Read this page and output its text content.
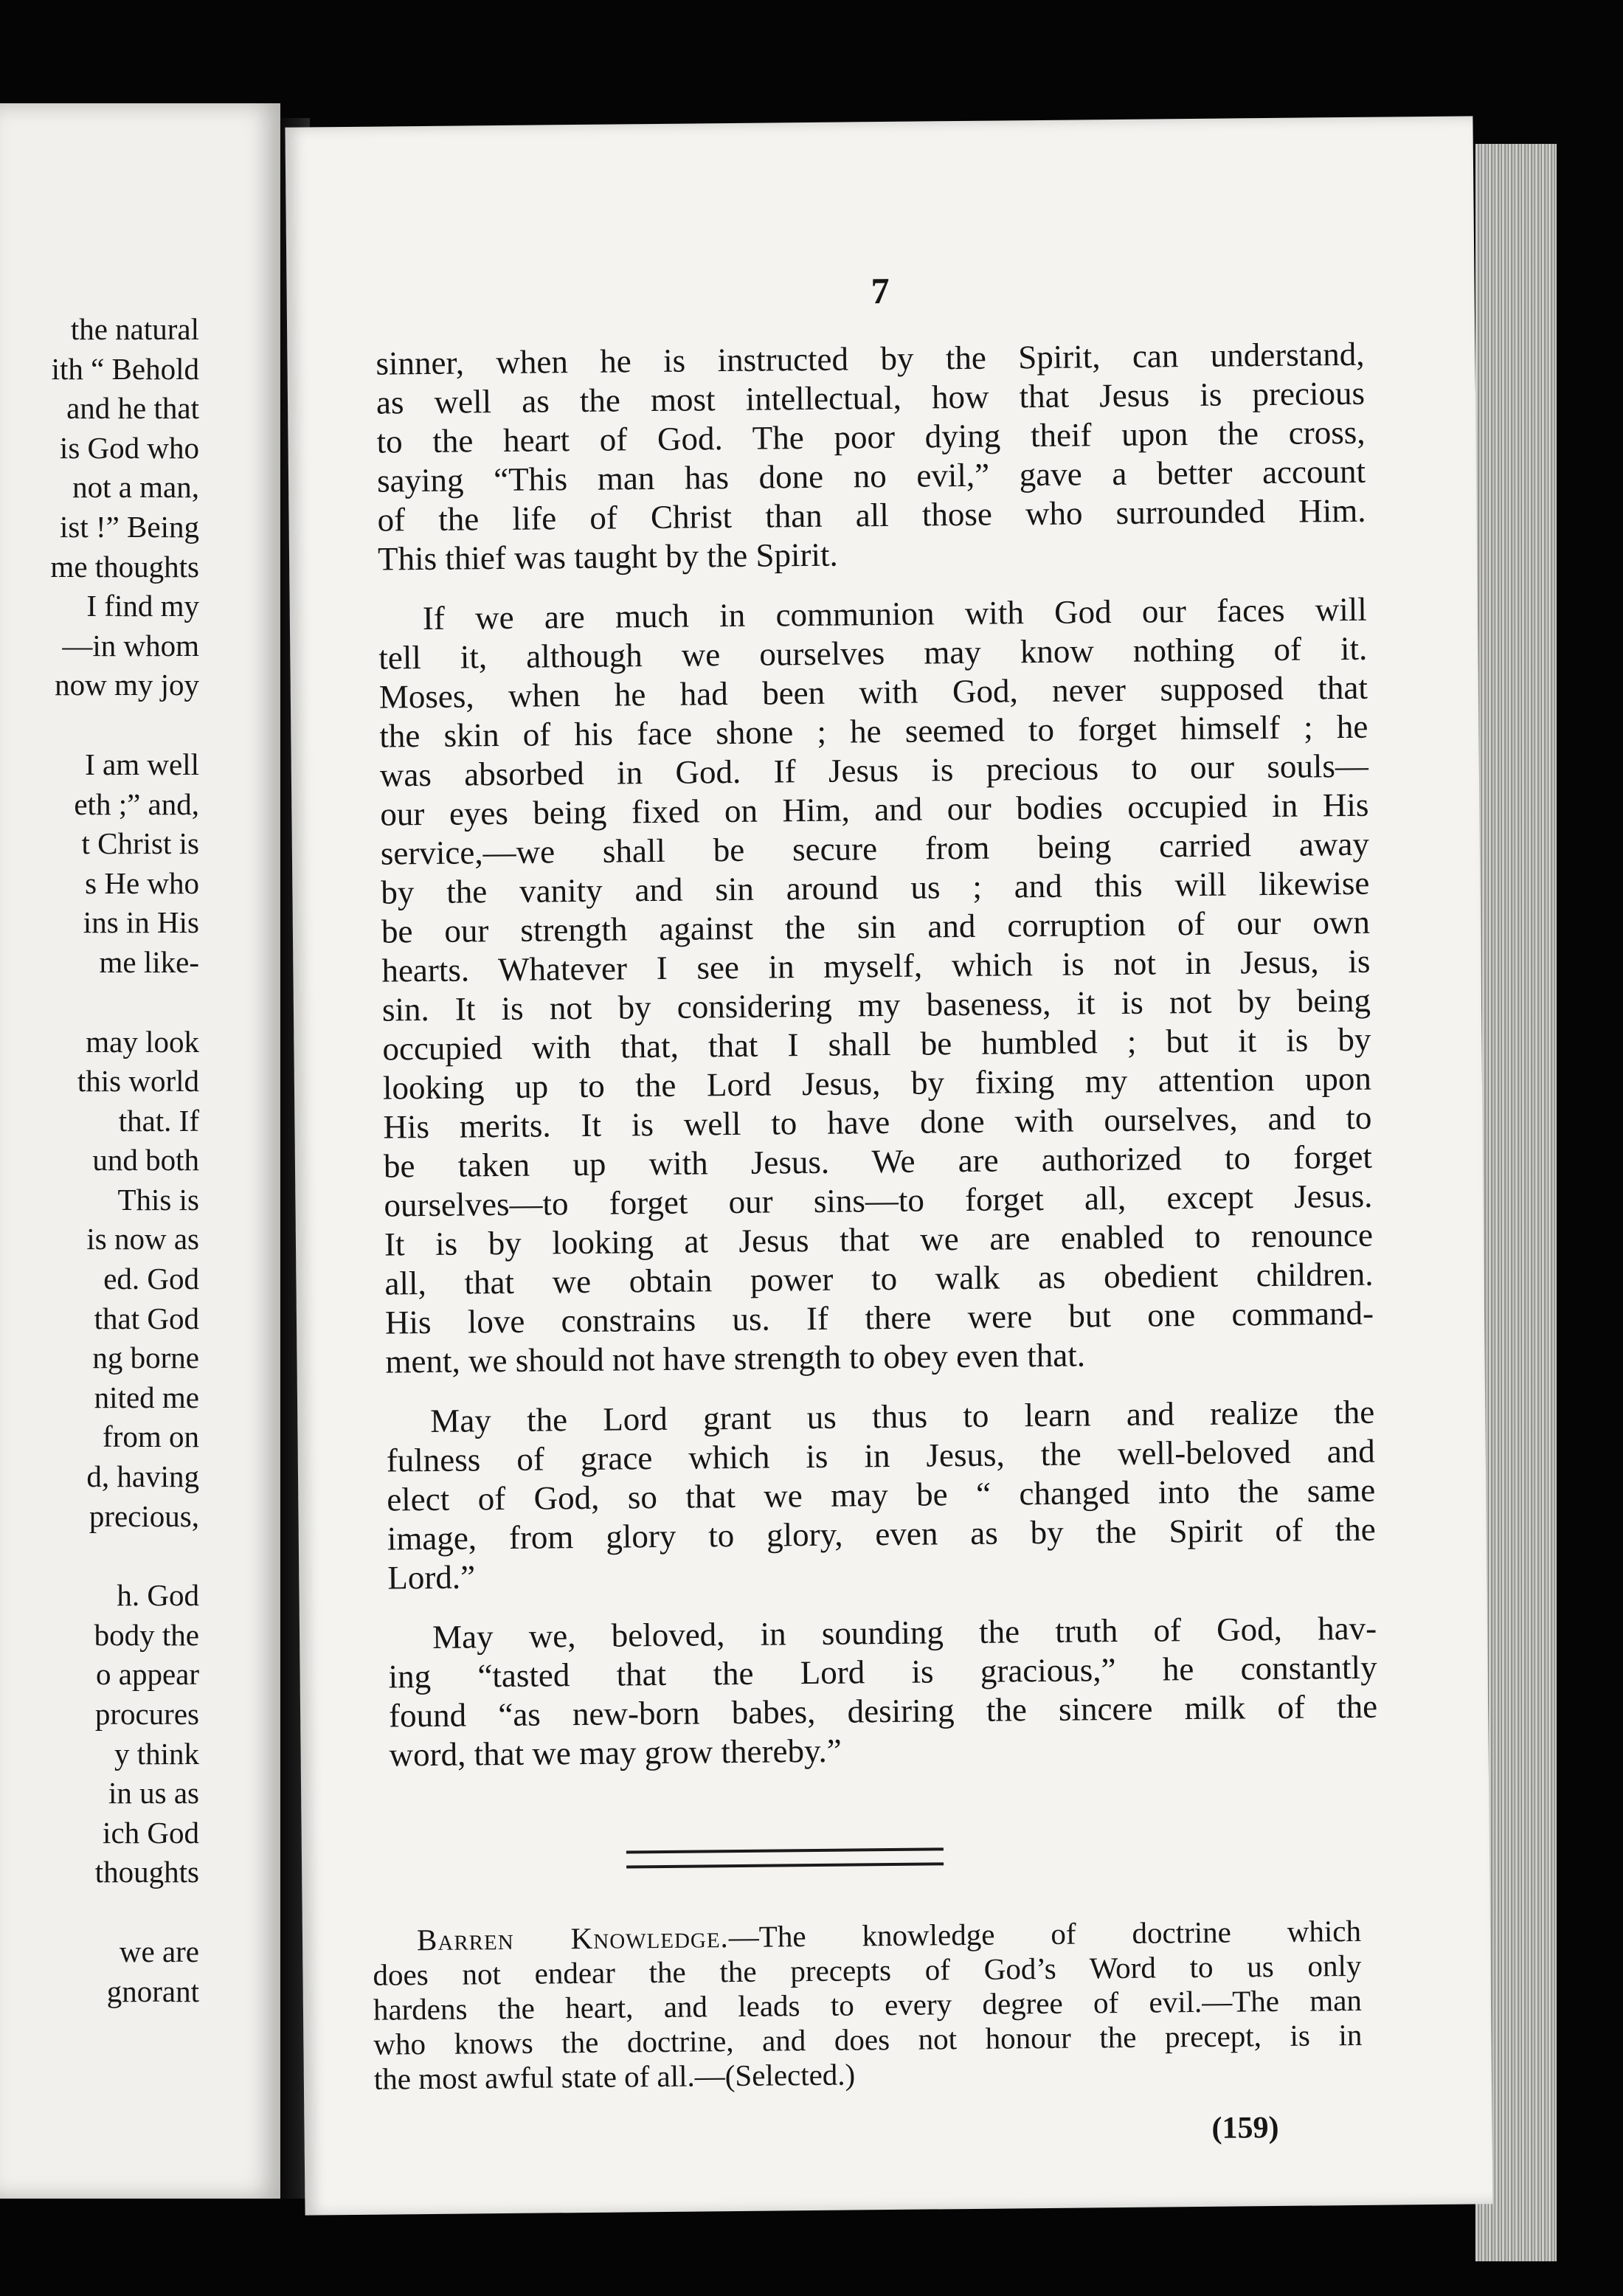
the natural
ith “ Behold
and he that
is God who
not a man,
ist !” Being
me thoughts
I find my
—in whom
now my joy
I am well
eth ;” and,
t Christ is
s He who
ins in His
me like-
may look
this world
that. If
und both
This is
is now as
ed. God
that God
ng borne
nited me
from on
d, having
precious,
h. God
body the
o appear
procures
y think
in us as
ich God
thoughts
we are
gnorant
7
sinner, when he is instructed by the Spirit, can understand,
as well as the most intellectual, how that Jesus is precious
to the heart of God. The poor dying theif upon the cross,
saying “This man has done no evil,” gave a better account
of the life of Christ than all those who surrounded Him.
This thief was taught by the Spirit.
If we are much in communion with God our faces will
tell it, although we ourselves may know nothing of it.
Moses, when he had been with God, never supposed that
the skin of his face shone ; he seemed to forget himself ; he
was absorbed in God. If Jesus is precious to our souls—
our eyes being fixed on Him, and our bodies occupied in His
service,—we shall be secure from being carried away
by the vanity and sin around us ; and this will likewise
be our strength against the sin and corruption of our own
hearts. Whatever I see in myself, which is not in Jesus, is
sin. It is not by considering my baseness, it is not by being
occupied with that, that I shall be humbled ; but it is by
looking up to the Lord Jesus, by fixing my attention upon
His merits. It is well to have done with ourselves, and to
be taken up with Jesus. We are authorized to forget
ourselves—to forget our sins—to forget all, except Jesus.
It is by looking at Jesus that we are enabled to renounce
all, that we obtain power to walk as obedient children.
His love constrains us. If there were but one command-
ment, we should not have strength to obey even that.
May the Lord grant us thus to learn and realize the
fulness of grace which is in Jesus, the well-beloved and
elect of God, so that we may be “ changed into the same
image, from glory to glory, even as by the Spirit of the
Lord.”
May we, beloved, in sounding the truth of God, hav-
ing “tasted that the Lord is gracious,” he constantly
found “as new-born babes, desiring the sincere milk of the
word, that we may grow thereby.”
Barren Knowledge.—The knowledge of doctrine which
does not endear the the precepts of God’s Word to us only
hardens the heart, and leads to every degree of evil.—The man
who knows the doctrine, and does not honour the precept, is in
the most awful state of all.—(Selected.)
(159)
